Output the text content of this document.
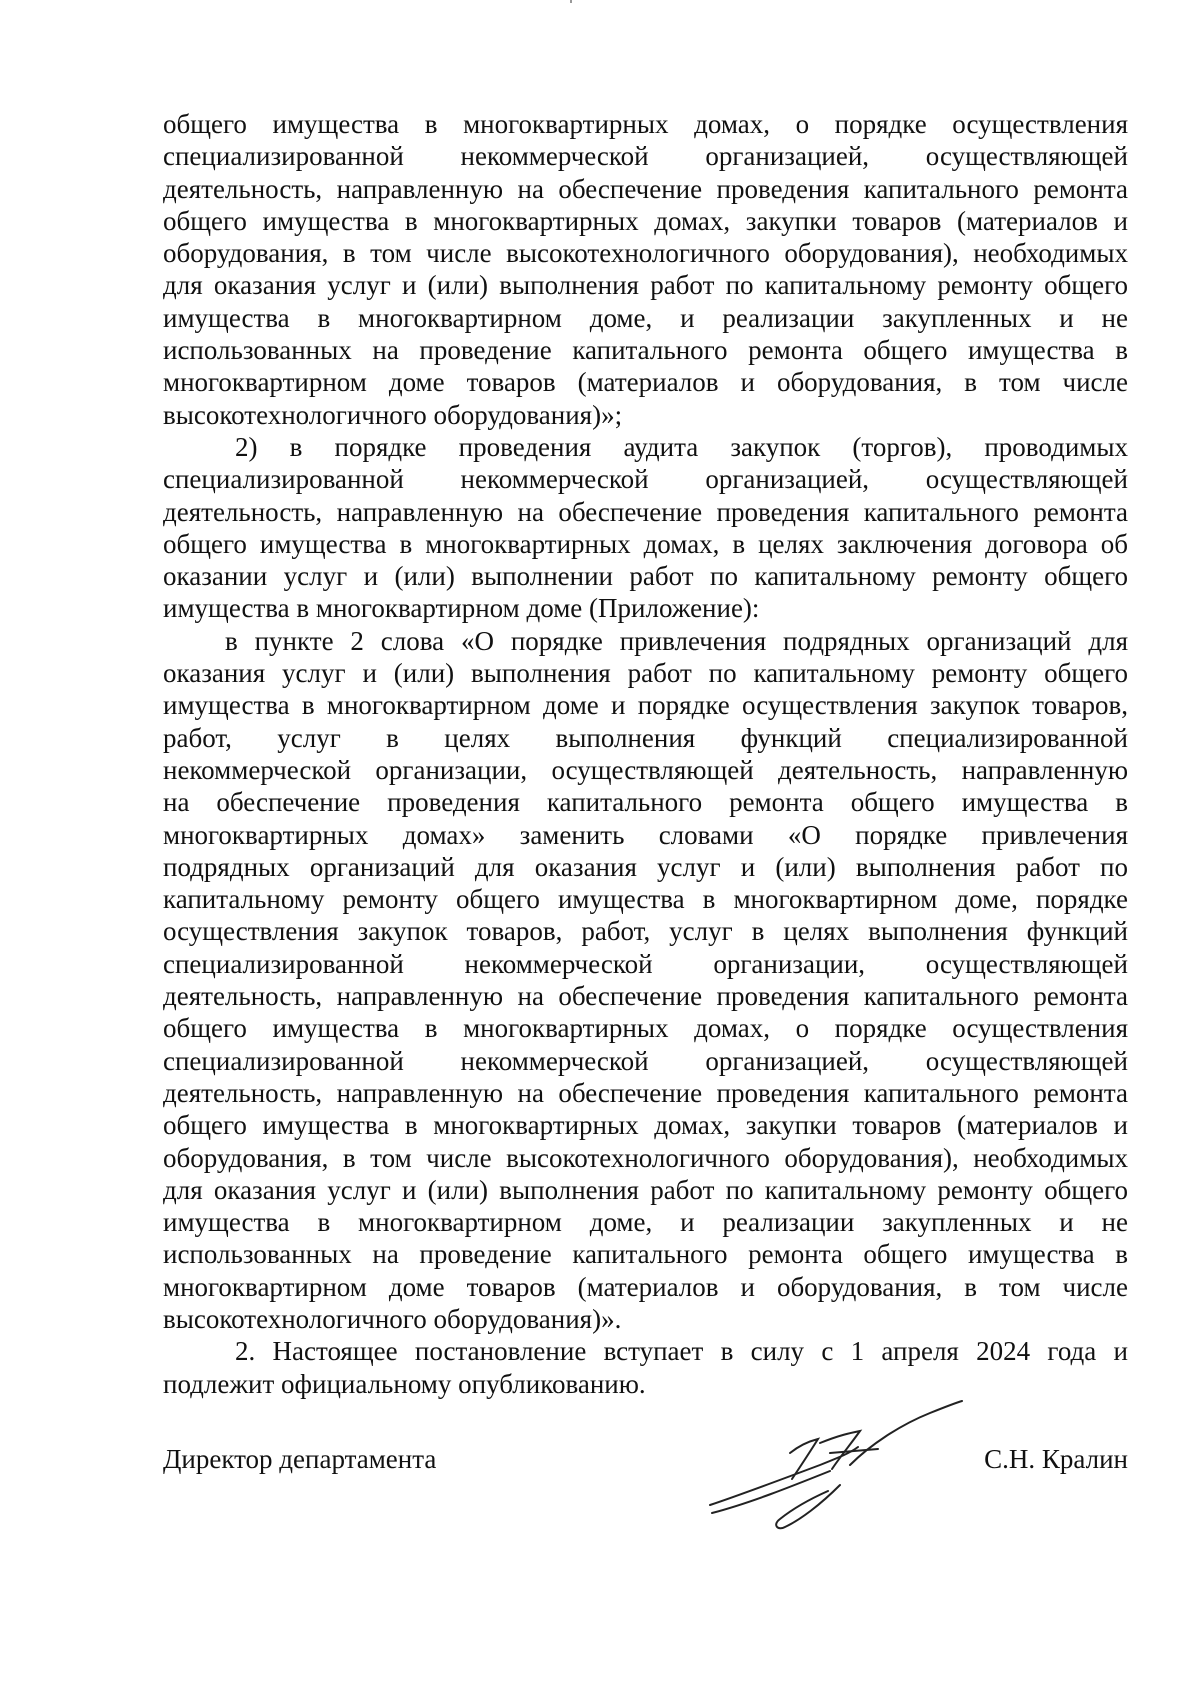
общего имущества в многоквартирных домах, о порядке осуществления
специализированной некоммерческой организацией, осуществляющей
деятельность, направленную на обеспечение проведения капитального ремонта
общего имущества в многоквартирных домах, закупки товаров (материалов и
оборудования, в том числе высокотехнологичного оборудования), необходимых
для оказания услуг и (или) выполнения работ по капитальному ремонту общего
имущества в многоквартирном доме, и реализации закупленных и не
использованных на проведение капитального ремонта общего имущества в
многоквартирном доме товаров (материалов и оборудования, в том числе
высокотехнологичного оборудования)»;
2) в порядке проведения аудита закупок (торгов), проводимых
специализированной некоммерческой организацией, осуществляющей
деятельность, направленную на обеспечение проведения капитального ремонта
общего имущества в многоквартирных домах, в целях заключения договора об
оказании услуг и (или) выполнении работ по капитальному ремонту общего
имущества в многоквартирном доме (Приложение):
в пункте 2 слова «О порядке привлечения подрядных организаций для
оказания услуг и (или) выполнения работ по капитальному ремонту общего
имущества в многоквартирном доме и порядке осуществления закупок товаров,
работ, услуг в целях выполнения функций специализированной
некоммерческой организации, осуществляющей деятельность, направленную
на обеспечение проведения капитального ремонта общего имущества в
многоквартирных домах» заменить словами «О порядке привлечения
подрядных организаций для оказания услуг и (или) выполнения работ по
капитальному ремонту общего имущества в многоквартирном доме, порядке
осуществления закупок товаров, работ, услуг в целях выполнения функций
специализированной некоммерческой организации, осуществляющей
деятельность, направленную на обеспечение проведения капитального ремонта
общего имущества в многоквартирных домах, о порядке осуществления
специализированной некоммерческой организацией, осуществляющей
деятельность, направленную на обеспечение проведения капитального ремонта
общего имущества в многоквартирных домах, закупки товаров (материалов и
оборудования, в том числе высокотехнологичного оборудования), необходимых
для оказания услуг и (или) выполнения работ по капитальному ремонту общего
имущества в многоквартирном доме, и реализации закупленных и не
использованных на проведение капитального ремонта общего имущества в
многоквартирном доме товаров (материалов и оборудования, в том числе
высокотехнологичного оборудования)».
2. Настоящее постановление вступает в силу с 1 апреля 2024 года и
подлежит официальному опубликованию.
Директор департамента	С.Н. Кралин
